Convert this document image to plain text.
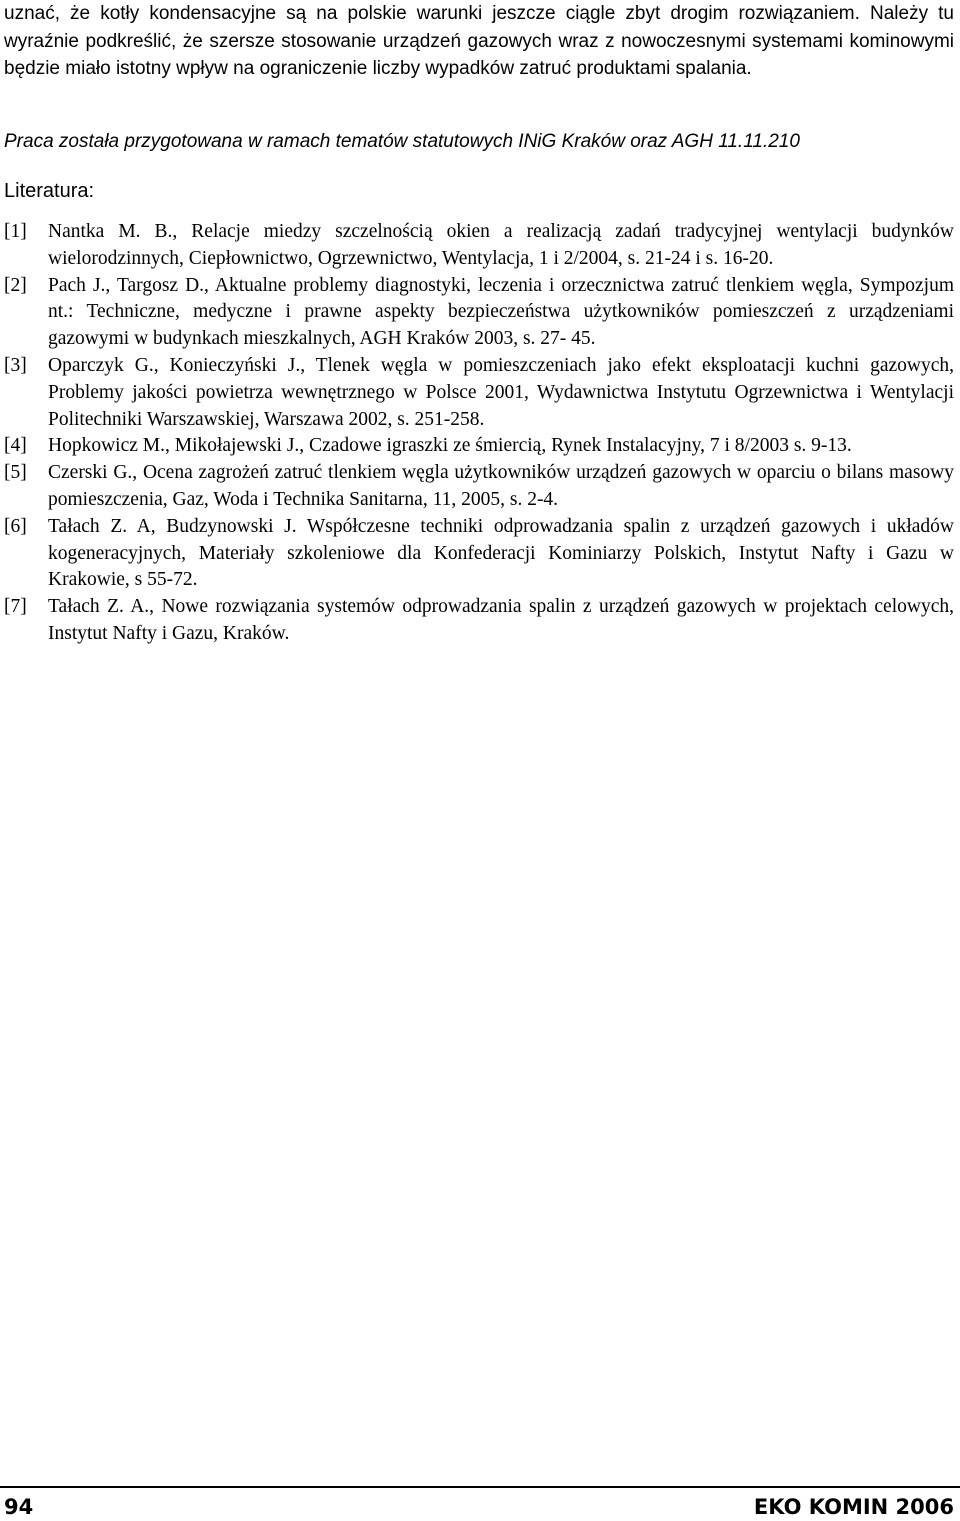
uznać, że kotły kondensacyjne są na polskie warunki jeszcze ciągle zbyt drogim rozwiązaniem. Należy tu wyraźnie podkreślić, że szersze stosowanie urządzeń gazowych wraz z nowoczesnymi systemami kominowymi będzie miało istotny wpływ na ograniczenie liczby wypadków zatruć produktami spalania.

Praca została przygotowana w ramach tematów statutowych INiG Kraków oraz AGH 11.11.210

Literatura:

[1] Nantka M. B., Relacje miedzy szczelnością okien a realizacją zadań tradycyjnej wentylacji budynków wielorodzinnych, Ciepłownictwo, Ogrzewnictwo, Wentylacja, 1 i 2/2004, s. 21-24 i s. 16-20.
[2] Pach J., Targosz D., Aktualne problemy diagnostyki, leczenia i orzecznictwa zatruć tlenkiem węgla, Sympozjum nt.: Techniczne, medyczne i prawne aspekty bezpieczeństwa użytkowników pomieszczeń z urządzeniami gazowymi w budynkach mieszkalnych, AGH Kraków 2003, s. 27- 45.
[3] Oparczyk G., Konieczyński J., Tlenek węgla w pomieszczeniach jako efekt eksploatacji kuchni gazowych, Problemy jakości powietrza wewnętrznego w Polsce 2001, Wydawnictwa Instytutu Ogrzewnictwa i Wentylacji Politechniki Warszawskiej, Warszawa 2002, s. 251-258.
[4] Hopkowicz M., Mikołajewski J., Czadowe igraszki ze śmiercią, Rynek Instalacyjny, 7 i 8/2003 s. 9-13.
[5] Czerski G., Ocena zagrożeń zatruć tlenkiem węgla użytkowników urządzeń gazowych w oparciu o bilans masowy pomieszczenia, Gaz, Woda i Technika Sanitarna, 11, 2005, s. 2-4.
[6] Tałach Z. A, Budzynowski J. Współczesne techniki odprowadzania spalin z urządzeń gazowych i układów kogeneracyjnych, Materiały szkoleniowe dla Konfederacji Kominiarzy Polskich, Instytut Nafty i Gazu w Krakowie, s 55-72.
[7] Tałach Z. A., Nowe rozwiązania systemów odprowadzania spalin z urządzeń gazowych w projektach celowych, Instytut Nafty i Gazu, Kraków.
94	EKO KOMIN 2006
